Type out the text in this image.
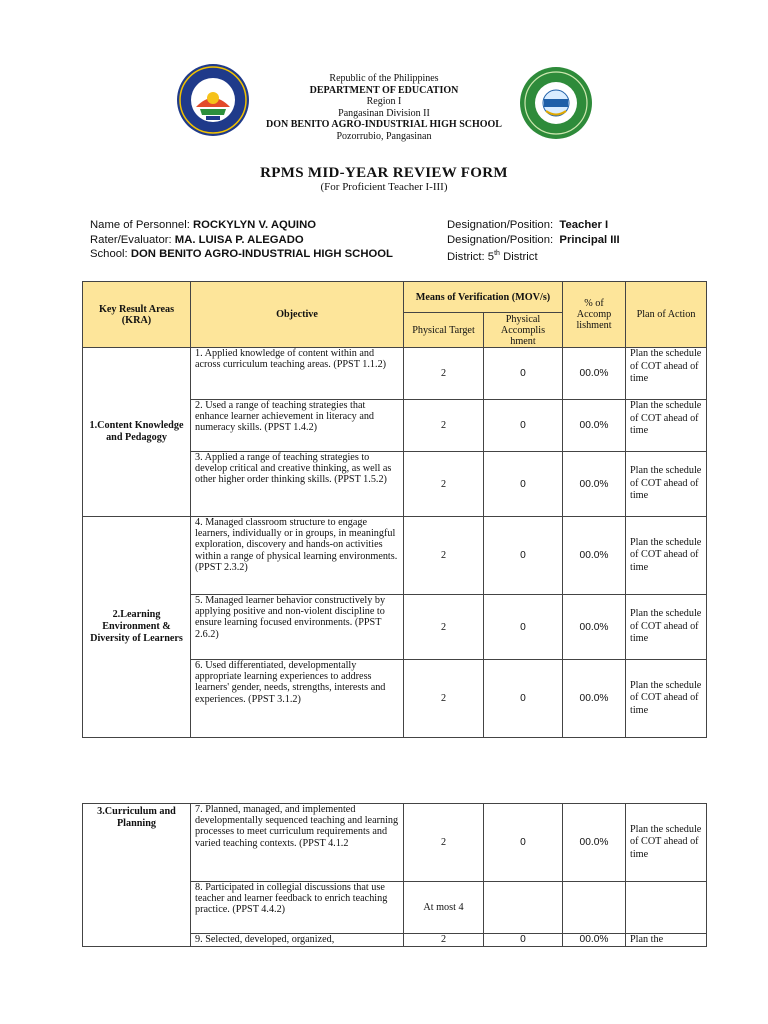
Republic of the Philippines
DEPARTMENT OF EDUCATION
Region I
Pangasinan Division II
DON BENITO AGRO-INDUSTRIAL HIGH SCHOOL
Pozorrubio, Pangasinan
RPMS MID-YEAR REVIEW FORM
(For Proficient Teacher I-III)
Name of Personnel: ROCKYLYN V. AQUINO
Rater/Evaluator: MA. LUISA P. ALEGADO
School: DON BENITO AGRO-INDUSTRIAL HIGH SCHOOL
Designation/Position: Teacher I
Designation/Position: Principal III
District: 5th District
Key Result Areas (KRA)	Objective	Means of Verification (MOV/s)		% of Accomp lishment	Plan of Action
		Physical Target	Physical Accomplis hment		
1.Content Knowledge and Pedagogy	1. Applied knowledge of content within and across curriculum teaching areas. (PPST 1.1.2)	2	0	00.0%	Plan the schedule of COT ahead of time
	2. Used a range of teaching strategies that enhance learner achievement in literacy and numeracy skills. (PPST 1.4.2)	2	0	00.0%	Plan the schedule of COT ahead of time
	3. Applied a range of teaching strategies to develop critical and creative thinking, as well as other higher order thinking skills. (PPST 1.5.2)	2	0	00.0%	Plan the schedule of COT ahead of time
2.Learning Environment & Diversity of Learners	4. Managed classroom structure to engage learners, individually or in groups, in meaningful exploration, discovery and hands-on activities within a range of physical learning environments. (PPST 2.3.2)	2	0	00.0%	Plan the schedule of COT ahead of time
	5. Managed learner behavior constructively by applying positive and non-violent discipline to ensure learning focused environments. (PPST 2.6.2)	2	0	00.0%	Plan the schedule of COT ahead of time
	6. Used differentiated, developmentally appropriate learning experiences to address learners' gender, needs, strengths, interests and experiences. (PPST 3.1.2)	2	0	00.0%	Plan the schedule of COT ahead of time
3.Curriculum and Planning	7. Planned, managed, and implemented developmentally sequenced teaching and learning processes to meet curriculum requirements and varied teaching contexts. (PPST 4.1.2	2	0	00.0%	Plan the schedule of COT ahead of time
	8. Participated in collegial discussions that use teacher and learner feedback to enrich teaching practice. (PPST 4.4.2)	At most 4			
	9. Selected, developed, organized,	2	0	00.0%	Plan the
